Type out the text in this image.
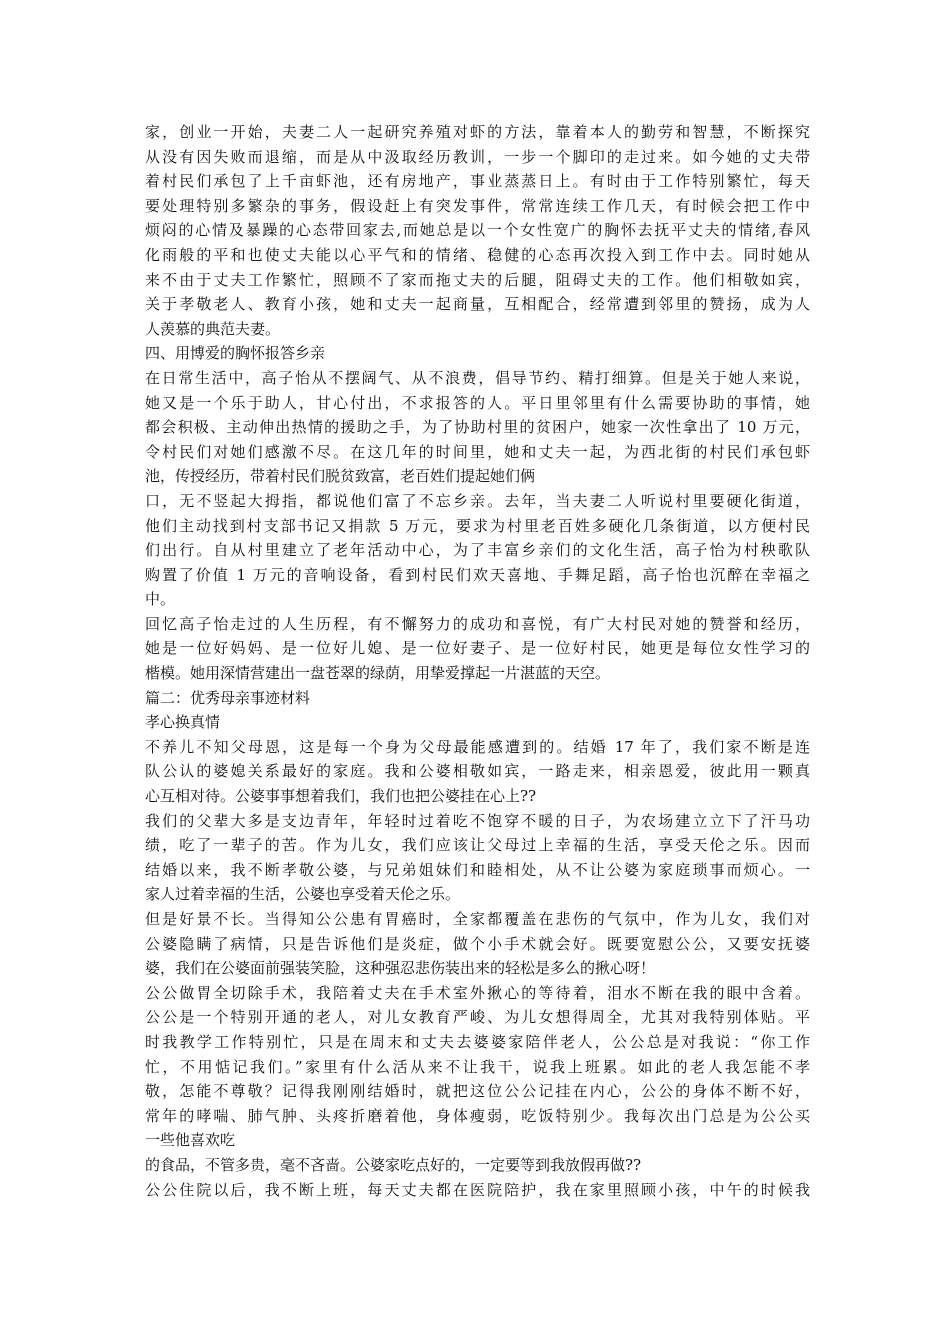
家，创业一开始，夫妻二人一起研究养殖对虾的方法，靠着本人的勤劳和智慧，不断探究
从没有因失败而退缩，而是从中汲取经历教训，一步一个脚印的走过来。如今她的丈夫带
着村民们承包了上千亩虾池，还有房地产，事业蒸蒸日上。有时由于工作特别繁忙，每天
要处理特别多繁杂的事务，假设赶上有突发事件，常常连续工作几天，有时候会把工作中
烦闷的心情及暴躁的心态带回家去,而她总是以一个女性宽广的胸怀去抚平丈夫的情绪,春风
化雨般的平和也使丈夫能以心平气和的情绪、稳健的心态再次投入到工作中去。同时她从
来不由于丈夫工作繁忙，照顾不了家而拖丈夫的后腿，阻碍丈夫的工作。他们相敬如宾，
关于孝敬老人、教育小孩，她和丈夫一起商量，互相配合，经常遭到邻里的赞扬，成为人
人羡慕的典范夫妻。
四、用博爱的胸怀报答乡亲
在日常生活中，高子怡从不摆阔气、从不浪费，倡导节约、精打细算。但是关于她人来说，
她又是一个乐于助人，甘心付出，不求报答的人。平日里邻里有什么需要协助的事情，她
都会积极、主动伸出热情的援助之手，为了协助村里的贫困户，她家一次性拿出了 10 万元，
令村民们对她们感激不尽。在这几年的时间里，她和丈夫一起，为西北街的村民们承包虾
池，传授经历，带着村民们脱贫致富，老百姓们提起她们俩
口，无不竖起大拇指，都说他们富了不忘乡亲。去年，当夫妻二人听说村里要硬化街道，
他们主动找到村支部书记又捐款 5 万元，要求为村里老百姓多硬化几条街道，以方便村民
们出行。自从村里建立了老年活动中心，为了丰富乡亲们的文化生活，高子怡为村秧歌队
购置了价值 1 万元的音响设备，看到村民们欢天喜地、手舞足蹈，高子怡也沉醉在幸福之
中。
回忆高子怡走过的人生历程，有不懈努力的成功和喜悦，有广大村民对她的赞誉和经历，
她是一位好妈妈、是一位好儿媳、是一位好妻子、是一位好村民，她更是每位女性学习的
楷模。她用深情营建出一盘苍翠的绿荫，用挚爱撑起一片湛蓝的天空。
篇二：优秀母亲事迹材料
孝心换真情
不养儿不知父母恩，这是每一个身为父母最能感遭到的。结婚 17 年了，我们家不断是连
队公认的婆媳关系最好的家庭。我和公婆相敬如宾，一路走来，相亲恩爱，彼此用一颗真
心互相对待。公婆事事想着我们，我们也把公婆挂在心上??
我们的父辈大多是支边青年，年轻时过着吃不饱穿不暖的日子，为农场建立立下了汗马功
绩，吃了一辈子的苦。作为儿女，我们应该让父母过上幸福的生活，享受天伦之乐。因而
结婚以来，我不断孝敬公婆，与兄弟姐妹们和睦相处，从不让公婆为家庭琐事而烦心。一
家人过着幸福的生活，公婆也享受着天伦之乐。
但是好景不长。当得知公公患有胃癌时，全家都覆盖在悲伤的气氛中，作为儿女，我们对
公婆隐瞒了病情，只是告诉他们是炎症，做个小手术就会好。既要宽慰公公，又要安抚婆
婆，我们在公婆面前强装笑脸，这种强忍悲伤装出来的轻松是多么的揪心呀！
公公做胃全切除手术，我陪着丈夫在手术室外揪心的等待着，泪水不断在我的眼中含着。
公公是一个特别开通的老人，对儿女教育严峻、为儿女想得周全，尤其对我特别体贴。平
时我教学工作特别忙，只是在周末和丈夫去婆婆家陪伴老人，公公总是对我说：“你工作
忙，不用惦记我们。”家里有什么活从来不让我干，说我上班累。如此的老人我怎能不孝
敬，怎能不尊敬？记得我刚刚结婚时，就把这位公公记挂在内心，公公的身体不断不好，
常年的哮喘、肺气肿、头疼折磨着他，身体瘦弱，吃饭特别少。我每次出门总是为公公买
一些他喜欢吃
的食品，不管多贵，毫不吝啬。公婆家吃点好的，一定要等到我放假再做??
公公住院以后，我不断上班，每天丈夫都在医院陪护，我在家里照顾小孩，中午的时候我
